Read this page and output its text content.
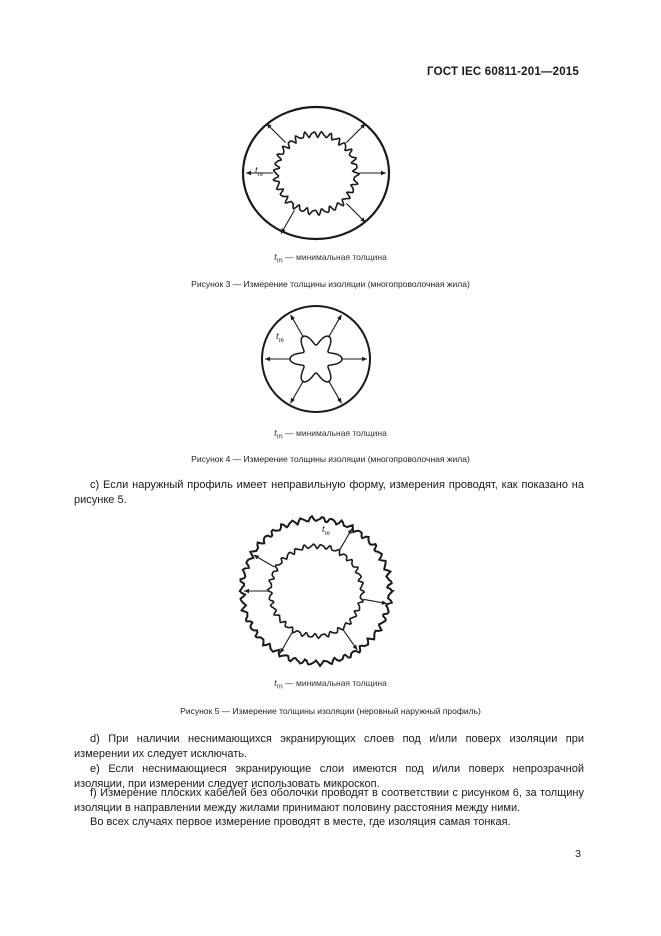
ГОСТ IEC 60811-201—2015
$t_m$
$t_m$ — минимальная толщина
Рисунок 3 — Измерение толщины изоляции (многопроволочная жила)
$t_m$
$t_m$ — минимальная толщина
Рисунок 4 — Измерение толщины изоляции (многопроволочная жила)
c) Если наружный профиль имеет неправильную форму, измерения проводят, как показано на рисунке 5.
$t_m$
$t_m$ — минимальная толщина
Рисунок 5 — Измерение толщины изоляции (неровный наружный профиль)
d) При наличии неснимающихся экранирующих слоев под и/или поверх изоляции при измерении их следует исключать.
е) Если неснимающиеся экранирующие слои имеются под и/или поверх непрозрачной изоляции, при измерении следует использовать микроскоп.
f) Измерение плоских кабелей без оболочки проводят в соответствии с рисунком 6, за толщину изоляции в направлении между жилами принимают половину расстояния между ними.
Во всех случаях первое измерение проводят в месте, где изоляция самая тонкая.
3
